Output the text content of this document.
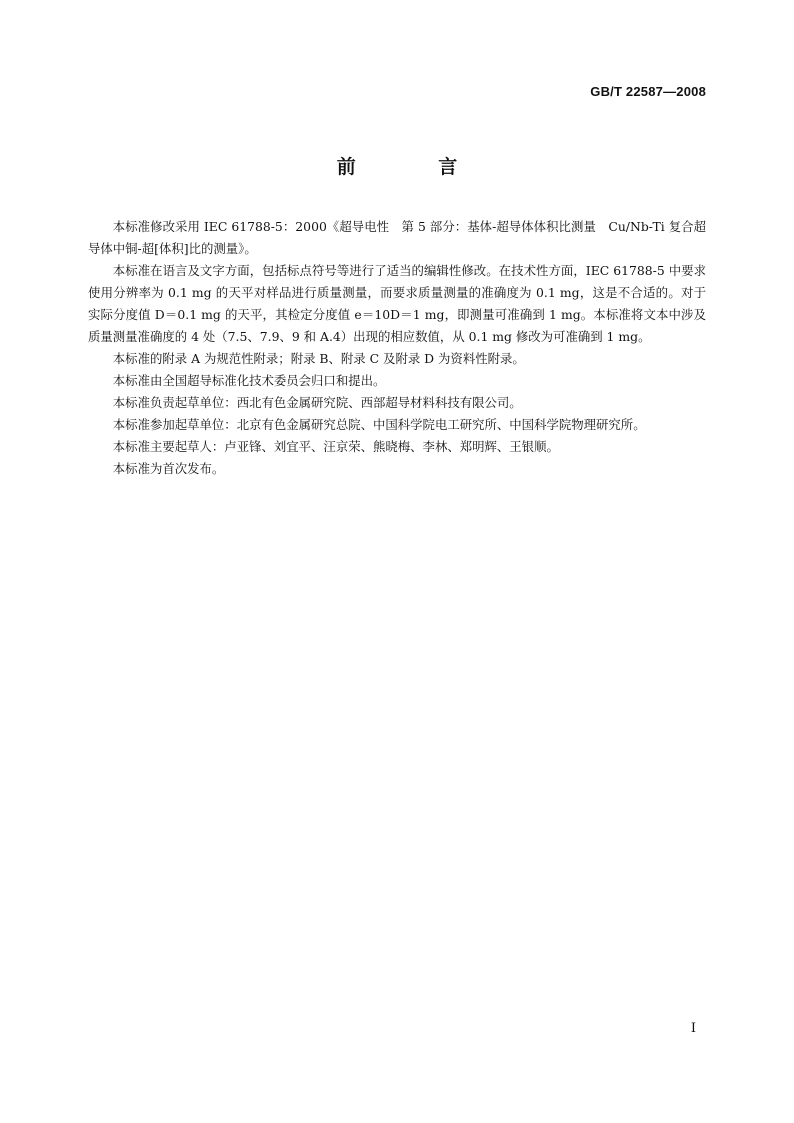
GB/T 22587—2008
前 言

本标准修改采用 IEC 61788-5：2000《超导电性　第 5 部分：基体-超导体体积比测量　Cu/Nb-Ti 复合超导体中铜-超[体积]比的测量》。

本标准在语言及文字方面，包括标点符号等进行了适当的编辑性修改。在技术性方面，IEC 61788-5 中要求使用分辨率为 0.1 mg 的天平对样品进行质量测量，而要求质量测量的准确度为 0.1 mg，这是不合适的。对于实际分度值 D＝0.1 mg 的天平，其检定分度值 e＝10D＝1 mg，即测量可准确到 1 mg。本标准将文本中涉及质量测量准确度的 4 处（7.5、7.9、9 和 A.4）出现的相应数值，从 0.1 mg 修改为可准确到 1 mg。

本标准的附录 A 为规范性附录；附录 B、附录 C 及附录 D 为资料性附录。

本标准由全国超导标准化技术委员会归口和提出。

本标准负责起草单位：西北有色金属研究院、西部超导材料科技有限公司。

本标准参加起草单位：北京有色金属研究总院、中国科学院电工研究所、中国科学院物理研究所。

本标准主要起草人：卢亚锋、刘宜平、汪京荣、熊晓梅、李林、郑明辉、王银顺。

本标准为首次发布。

I
